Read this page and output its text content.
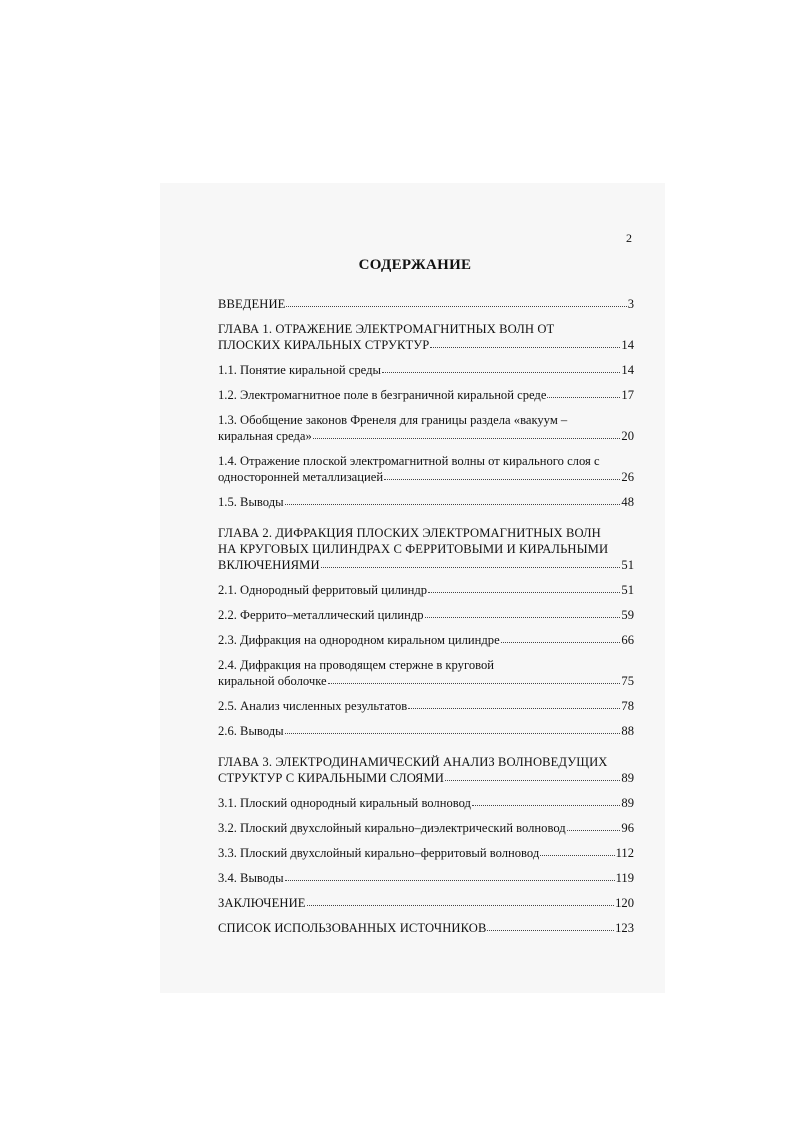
2
СОДЕРЖАНИЕ
ВВЕДЕНИЕ	3
ГЛАВА 1. ОТРАЖЕНИЕ ЭЛЕКТРОМАГНИТНЫХ ВОЛН ОТ
ПЛОСКИХ КИРАЛЬНЫХ СТРУКТУР	14
1.1. Понятие киральной среды	14
1.2. Электромагнитное поле в безграничной киральной среде	17
1.3. Обобщение законов Френеля для границы раздела «вакуум –
киральная среда»	20
1.4. Отражение плоской электромагнитной волны от кирального слоя с
односторонней металлизацией	26
1.5. Выводы	48
ГЛАВА 2. ДИФРАКЦИЯ ПЛОСКИХ ЭЛЕКТРОМАГНИТНЫХ ВОЛН
НА КРУГОВЫХ ЦИЛИНДРАХ С ФЕРРИТОВЫМИ И КИРАЛЬНЫМИ
ВКЛЮЧЕНИЯМИ	51
2.1. Однородный ферритовый цилиндр	51
2.2. Феррито–металлический цилиндр	59
2.3. Дифракция на однородном киральном цилиндре	66
2.4. Дифракция на проводящем стержне в круговой
киральной оболочке	75
2.5. Анализ численных результатов	78
2.6. Выводы	88
ГЛАВА 3. ЭЛЕКТРОДИНАМИЧЕСКИЙ АНАЛИЗ ВОЛНОВЕДУЩИХ
СТРУКТУР С КИРАЛЬНЫМИ СЛОЯМИ	89
3.1. Плоский однородный киральный волновод	89
3.2. Плоский двухслойный кирально–диэлектрический волновод	96
3.3. Плоский двухслойный кирально–ферритовый волновод	112
3.4. Выводы	119
ЗАКЛЮЧЕНИЕ	120
СПИСОК ИСПОЛЬЗОВАННЫХ ИСТОЧНИКОВ	123
